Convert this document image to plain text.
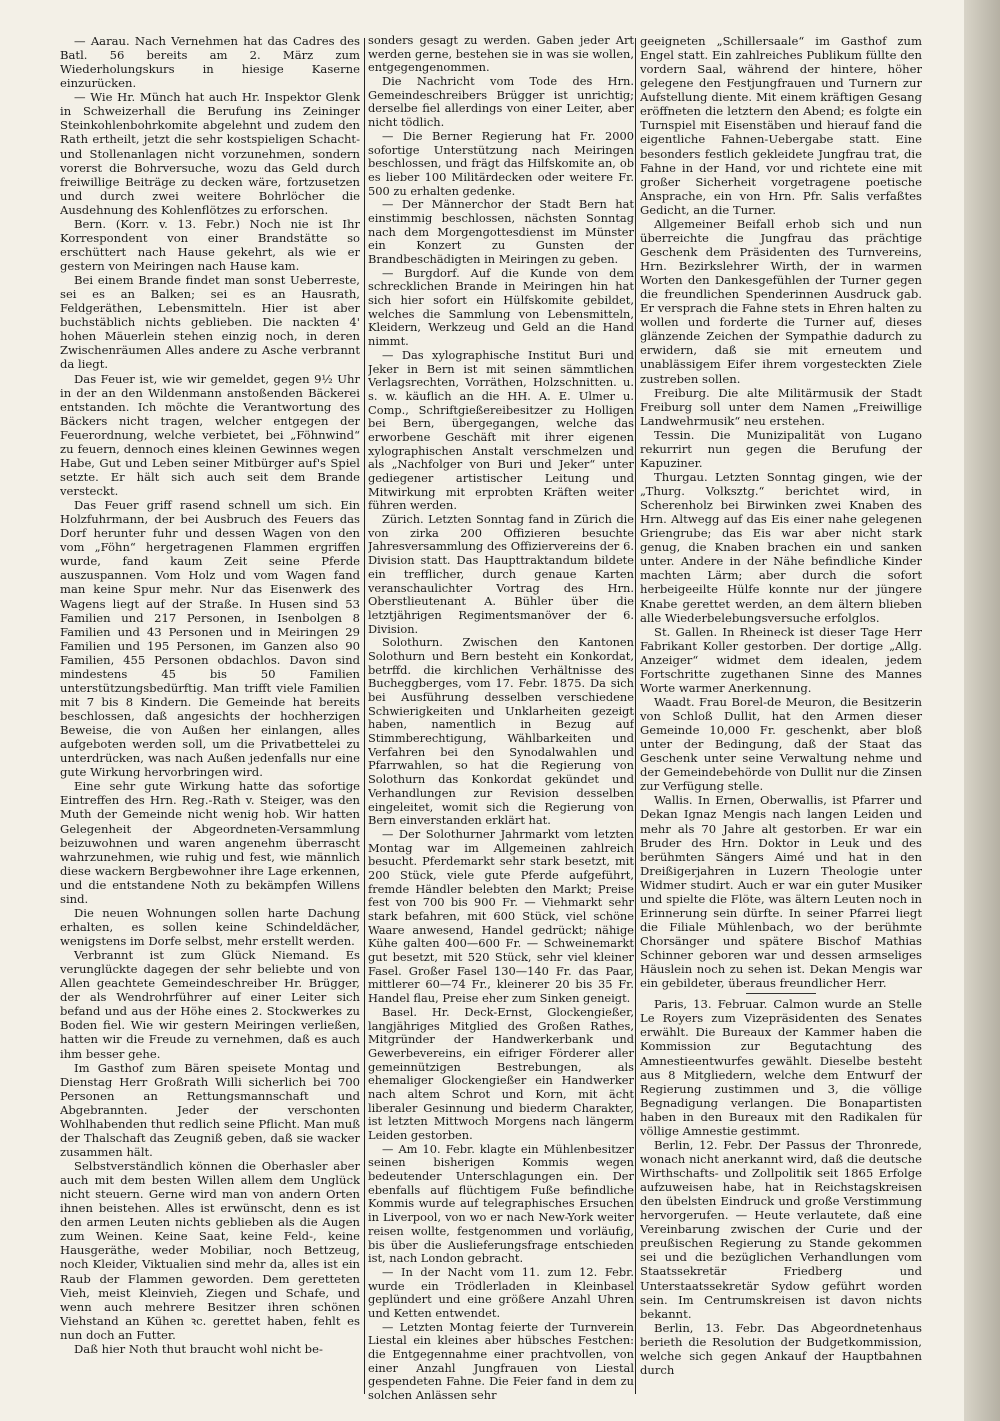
— Aarau. Nach Vernehmen hat das Cadres des Batl. 56 bereits am 2. März zum Wiederholungskurs in hiesige Kaserne einzurücken.

— Wie Hr. Münch hat auch Hr. Inspektor Glenk in Schweizerhall die Berufung ins Zeininger Steinkohlenbohrkomite abgelehnt und zudem den Rath ertheilt, jetzt die sehr kostspieligen Schacht- und Stollenanlagen nicht vorzunehmen, sondern vorerst die Bohrversuche, wozu das Geld durch freiwillige Beiträge zu decken wäre, fortzusetzen und durch zwei weitere Bohrlöcher die Ausdehnung des Kohlenflötzes zu erforschen.

Bern. (Korr. v. 13. Febr.) Noch nie ist Ihr Korrespondent von einer Brandstätte so erschüttert nach Hause gekehrt, als wie er gestern von Meiringen nach Hause kam.

Bei einem Brande findet man sonst Ueberreste, sei es an Balken; sei es an Hausrath, Feldgeräthen, Lebensmitteln. Hier ist aber buchstäblich nichts geblieben. Die nackten 4' hohen Mäuerlein stehen einzig noch, in deren Zwischenräumen Alles andere zu Asche verbrannt da liegt.

Das Feuer ist, wie wir gemeldet, gegen 9½ Uhr in der an den Wildenmann anstoßenden Bäckerei entstanden. Ich möchte die Verantwortung des Bäckers nicht tragen, welcher entgegen der Feuerordnung, welche verbietet, bei „Föhnwind“ zu feuern, dennoch eines kleinen Gewinnes wegen Habe, Gut und Leben seiner Mitbürger auf's Spiel setzte. Er hält sich auch seit dem Brande versteckt.

Das Feuer griff rasend schnell um sich. Ein Holzfuhrmann, der bei Ausbruch des Feuers das Dorf herunter fuhr und dessen Wagen von den vom „Föhn“ hergetragenen Flammen ergriffen wurde, fand kaum Zeit seine Pferde auszuspannen. Vom Holz und vom Wagen fand man keine Spur mehr. Nur das Eisenwerk des Wagens liegt auf der Straße. In Husen sind 53 Familien und 217 Personen, in Isenbolgen 8 Familien und 43 Personen und in Meiringen 29 Familien und 195 Personen, im Ganzen also 90 Familien, 455 Personen obdachlos. Davon sind mindestens 45 bis 50 Familien unterstützungsbedürftig. Man trifft viele Familien mit 7 bis 8 Kindern. Die Gemeinde hat bereits beschlossen, daß angesichts der hochherzigen Beweise, die von Außen her einlangen, alles aufgeboten werden soll, um die Privatbettelei zu unterdrücken, was nach Außen jedenfalls nur eine gute Wirkung hervorbringen wird.

Eine sehr gute Wirkung hatte das sofortige Eintreffen des Hrn. Reg.-Rath v. Steiger, was den Muth der Gemeinde nicht wenig hob. Wir hatten Gelegenheit der Abgeordneten-Versammlung beizuwohnen und waren angenehm überrascht wahrzunehmen, wie ruhig und fest, wie männlich diese wackern Bergbewohner ihre Lage erkennen, und die entstandene Noth zu bekämpfen Willens sind.

Die neuen Wohnungen sollen harte Dachung erhalten, es sollen keine Schindeldächer, wenigstens im Dorfe selbst, mehr erstellt werden.

Verbrannt ist zum Glück Niemand. Es verunglückte dagegen der sehr beliebte und von Allen geachtete Gemeindeschreiber Hr. Brügger, der als Wendrohrführer auf einer Leiter sich befand und aus der Höhe eines 2. Stockwerkes zu Boden fiel. Wie wir gestern Meiringen verließen, hatten wir die Freude zu vernehmen, daß es auch ihm besser gehe.

Im Gasthof zum Bären speisete Montag und Dienstag Herr Großrath Willi sicherlich bei 700 Personen an Rettungsmannschaft und Abgebrannten. Jeder der verschonten Wohlhabenden thut redlich seine Pflicht. Man muß der Thalschaft das Zeugniß geben, daß sie wacker zusammen hält.

Selbstverständlich können die Oberhasler aber auch mit dem besten Willen allem dem Unglück nicht steuern. Gerne wird man von andern Orten ihnen beistehen. Alles ist erwünscht, denn es ist den armen Leuten nichts geblieben als die Augen zum Weinen. Keine Saat, keine Feld-, keine Hausgeräthe, weder Mobiliar, noch Bettzeug, noch Kleider, Viktualien sind mehr da, alles ist ein Raub der Flammen geworden. Dem geretteten Vieh, meist Kleinvieh, Ziegen und Schafe, und wenn auch mehrere Besitzer ihren schönen Viehstand an Kühen ꝛc. gerettet haben, fehlt es nun doch an Futter.

Daß hier Noth thut braucht wohl nicht be-

sonders gesagt zu werden. Gaben jeder Art werden gerne, bestehen sie in was sie wollen, entgegengenommen.

Die Nachricht vom Tode des Hrn. Gemeindeschreibers Brügger ist unrichtig; derselbe fiel allerdings von einer Leiter, aber nicht tödlich.

— Die Berner Regierung hat Fr. 2000 sofortige Unterstützung nach Meiringen beschlossen, und frägt das Hilfskomite an, ob es lieber 100 Militärdecken oder weitere Fr. 500 zu erhalten gedenke.

— Der Männerchor der Stadt Bern hat einstimmig beschlossen, nächsten Sonntag nach dem Morgengottesdienst im Münster ein Konzert zu Gunsten der Brandbeschädigten in Meiringen zu geben.

— Burgdorf. Auf die Kunde von dem schrecklichen Brande in Meiringen hin hat sich hier sofort ein Hülfskomite gebildet, welches die Sammlung von Lebensmitteln, Kleidern, Werkzeug und Geld an die Hand nimmt.

— Das xylographische Institut Buri und Jeker in Bern ist mit seinen sämmtlichen Verlagsrechten, Vorräthen, Holzschnitten. u. s. w. käuflich an die HH. A. E. Ulmer u. Comp., Schriftgießereibesitzer zu Holligen bei Bern, übergegangen, welche das erworbene Geschäft mit ihrer eigenen xylographischen Anstalt verschmelzen und als „Nachfolger von Buri und Jeker“ unter gediegener artistischer Leitung und Mitwirkung mit erprobten Kräften weiter führen werden.

Zürich. Letzten Sonntag fand in Zürich die von zirka 200 Offizieren besuchte Jahresversammlung des Offiziervereins der 6. Division statt. Das Haupttraktandum bildete ein trefflicher, durch genaue Karten veranschaulichter Vortrag des Hrn. Oberstlieutenant A. Bühler über die letztjährigen Regimentsmanöver der 6. Division.

Solothurn. Zwischen den Kantonen Solothurn und Bern besteht ein Konkordat, betrffd. die kirchlichen Verhältnisse des Bucheggberges, vom 17. Febr. 1875. Da sich bei Ausführung desselben verschiedene Schwierigkeiten und Unklarheiten gezeigt haben, namentlich in Bezug auf Stimmberechtigung, Wählbarkeiten und Verfahren bei den Synodalwahlen und Pfarrwahlen, so hat die Regierung von Solothurn das Konkordat gekündet und Verhandlungen zur Revision desselben eingeleitet, womit sich die Regierung von Bern einverstanden erklärt hat.

— Der Solothurner Jahrmarkt vom letzten Montag war im Allgemeinen zahlreich besucht. Pferdemarkt sehr stark besetzt, mit 200 Stück, viele gute Pferde aufgeführt, fremde Händler belebten den Markt; Preise fest von 700 bis 900 Fr. — Viehmarkt sehr stark befahren, mit 600 Stück, viel schöne Waare anwesend, Handel gedrückt; nähige Kühe galten 400—600 Fr. — Schweinemarkt gut besetzt, mit 520 Stück, sehr viel kleiner Fasel. Großer Fasel 130—140 Fr. das Paar, mittlerer 60—74 Fr., kleinerer 20 bis 35 Fr. Handel flau, Preise eher zum Sinken geneigt.

Basel. Hr. Deck-Ernst, Glockengießer, langjähriges Mitglied des Großen Rathes, Mitgründer der Handwerkerbank und Gewerbevereins, ein eifriger Förderer aller gemeinnützigen Bestrebungen, als ehemaliger Glockengießer ein Handwerker nach altem Schrot und Korn, mit ächt liberaler Gesinnung und biederm Charakter, ist letzten Mittwoch Morgens nach längerm Leiden gestorben.

— Am 10. Febr. klagte ein Mühlenbesitzer seinen bisherigen Kommis wegen bedeutender Unterschlagungen ein. Der ebenfalls auf flüchtigem Fuße befindliche Kommis wurde auf telegraphisches Ersuchen in Liverpool, von wo er nach New-York weiter reisen wollte, festgenommen und vorläufig, bis über die Auslieferungsfrage entschieden ist, nach London gebracht.

— In der Nacht vom 11. zum 12. Febr. wurde ein Trödlerladen in Kleinbasel geplündert und eine größere Anzahl Uhren und Ketten entwendet.

— Letzten Montag feierte der Turnverein Liestal ein kleines aber hübsches Festchen: die Entgegennahme einer prachtvollen, von einer Anzahl Jungfrauen von Liestal gespendeten Fahne. Die Feier fand in dem zu solchen Anlässen sehr

geeigneten „Schillersaale“ im Gasthof zum Engel statt. Ein zahlreiches Publikum füllte den vordern Saal, während der hintere, höher gelegene den Festjungfrauen und Turnern zur Aufstellung diente. Mit einem kräftigen Gesang eröffneten die letztern den Abend; es folgte ein Turnspiel mit Eisenstäben und hierauf fand die eigentliche Fahnen-Uebergabe statt. Eine besonders festlich gekleidete Jungfrau trat, die Fahne in der Hand, vor und richtete eine mit großer Sicherheit vorgetragene poetische Ansprache, ein von Hrn. Pfr. Salis verfaßtes Gedicht, an die Turner.

Allgemeiner Beifall erhob sich und nun überreichte die Jungfrau das prächtige Geschenk dem Präsidenten des Turnvereins, Hrn. Bezirkslehrer Wirth, der in warmen Worten den Dankesgefühlen der Turner gegen die freundlichen Spenderinnen Ausdruck gab. Er versprach die Fahne stets in Ehren halten zu wollen und forderte die Turner auf, dieses glänzende Zeichen der Sympathie dadurch zu erwidern, daß sie mit erneutem und unablässigem Eifer ihrem vorgesteckten Ziele zustreben sollen.

Freiburg. Die alte Militärmusik der Stadt Freiburg soll unter dem Namen „Freiwillige Landwehrmusik“ neu erstehen.

Tessin. Die Munizipalität von Lugano rekurrirt nun gegen die Berufung der Kapuziner.

Thurgau. Letzten Sonntag gingen, wie der „Thurg. Volksztg.“ berichtet wird, in Scherenholz bei Birwinken zwei Knaben des Hrn. Altwegg auf das Eis einer nahe gelegenen Griengrube; das Eis war aber nicht stark genug, die Knaben brachen ein und sanken unter. Andere in der Nähe befindliche Kinder machten Lärm; aber durch die sofort herbeigeeilte Hülfe konnte nur der jüngere Knabe gerettet werden, an dem ältern blieben alle Wiederbelebungsversuche erfolglos.

St. Gallen. In Rheineck ist dieser Tage Herr Fabrikant Koller gestorben. Der dortige „Allg. Anzeiger“ widmet dem idealen, jedem Fortschritte zugethanen Sinne des Mannes Worte warmer Anerkennung.

Waadt. Frau Borel-de Meuron, die Besitzerin von Schloß Dullit, hat den Armen dieser Gemeinde 10,000 Fr. geschenkt, aber bloß unter der Bedingung, daß der Staat das Geschenk unter seine Verwaltung nehme und der Gemeindebehörde von Dullit nur die Zinsen zur Verfügung stelle.

Wallis. In Ernen, Oberwallis, ist Pfarrer und Dekan Ignaz Mengis nach langen Leiden und mehr als 70 Jahre alt gestorben. Er war ein Bruder des Hrn. Doktor in Leuk und des berühmten Sängers Aimé und hat in den Dreißigerjahren in Luzern Theologie unter Widmer studirt. Auch er war ein guter Musiker und spielte die Flöte, was ältern Leuten noch in Erinnerung sein dürfte. In seiner Pfarrei liegt die Filiale Mühlenbach, wo der berühmte Chorsänger und spätere Bischof Mathias Schinner geboren war und dessen armseliges Häuslein noch zu sehen ist. Dekan Mengis war ein gebildeter, überaus freundlicher Herr.

Paris, 13. Februar. Calmon wurde an Stelle Le Royers zum Vizepräsidenten des Senates erwählt. Die Bureaux der Kammer haben die Kommission zur Begutachtung des Amnestieentwurfes gewählt. Dieselbe besteht aus 8 Mitgliedern, welche dem Entwurf der Regierung zustimmen und 3, die völlige Begnadigung verlangen. Die Bonapartisten haben in den Bureaux mit den Radikalen für völlige Amnestie gestimmt.

Berlin, 12. Febr. Der Passus der Thronrede, wonach nicht anerkannt wird, daß die deutsche Wirthschafts- und Zollpolitik seit 1865 Erfolge aufzuweisen habe, hat in Reichstagskreisen den übelsten Eindruck und große Verstimmung hervorgerufen. — Heute verlautete, daß eine Vereinbarung zwischen der Curie und der preußischen Regierung zu Stande gekommen sei und die bezüglichen Verhandlungen vom Staatssekretär Friedberg und Unterstaatssekretär Sydow geführt worden sein. Im Centrumskreisen ist davon nichts bekannt.

Berlin, 13. Febr. Das Abgeordnetenhaus berieth die Resolution der Budgetkommission, welche sich gegen Ankauf der Hauptbahnen durch
